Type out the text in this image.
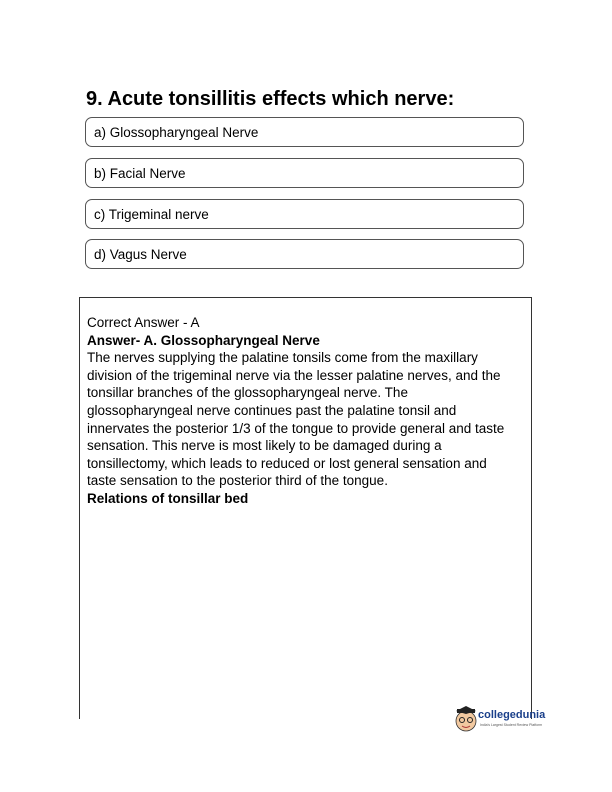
9. Acute tonsillitis effects which nerve:
a) Glossopharyngeal Nerve
b) Facial Nerve
c) Trigeminal nerve
d) Vagus Nerve

Correct Answer - A

Answer- A. Glossopharyngeal Nerve

The nerves supplying the palatine tonsils come from the maxillary division of the trigeminal nerve via the lesser palatine nerves, and the tonsillar branches of the glossopharyngeal nerve. The glossopharyngeal nerve continues past the palatine tonsil and innervates the posterior 1/3 of the tongue to provide general and taste sensation. This nerve is most likely to be damaged during a tonsillectomy, which leads to reduced or lost general sensation and taste sensation to the posterior third of the tongue.

Relations of tonsillar bed

collegedunia
India's Largest Student Review Platform
